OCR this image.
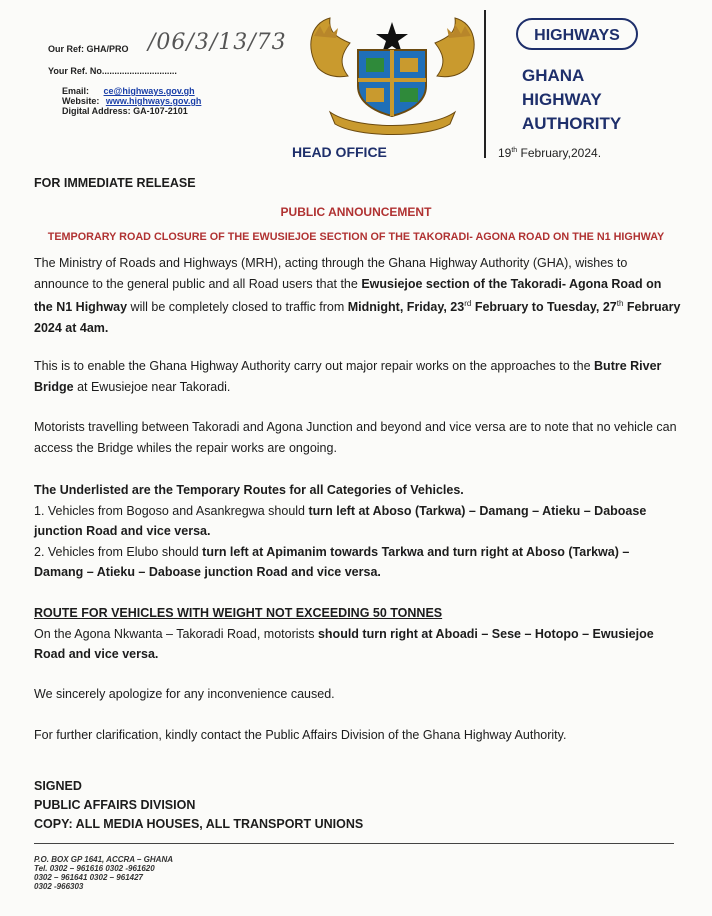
Our Ref: GHA/PRO /06/3/13/73
Your Ref. No..............................
Email: ce@highways.gov.gh
Website: www.highways.gov.gh
Digital Address: GA-107-2101
HIGHWAYS
GHANA
HIGHWAY
AUTHORITY
HEAD OFFICE	19th February,2024.
FOR IMMEDIATE RELEASE
PUBLIC ANNOUNCEMENT
TEMPORARY ROAD CLOSURE OF THE EWUSIEJOE SECTION OF THE TAKORADI- AGONA ROAD ON THE N1 HIGHWAY
The Ministry of Roads and Highways (MRH), acting through the Ghana Highway Authority (GHA), wishes to announce to the general public and all Road users that the Ewusiejoe section of the Takoradi- Agona Road on the N1 Highway will be completely closed to traffic from Midnight, Friday, 23rd February to Tuesday, 27th February 2024 at 4am.
This is to enable the Ghana Highway Authority carry out major repair works on the approaches to the Butre River Bridge at Ewusiejoe near Takoradi.
Motorists travelling between Takoradi and Agona Junction and beyond and vice versa are to note that no vehicle can access the Bridge whiles the repair works are ongoing.
The Underlisted are the Temporary Routes for all Categories of Vehicles.
1. Vehicles from Bogoso and Asankregwa should turn left at Aboso (Tarkwa) – Damang – Atieku – Daboase junction Road and vice versa.
2. Vehicles from Elubo should turn left at Apimanim towards Tarkwa and turn right at Aboso (Tarkwa) – Damang – Atieku – Daboase junction Road and vice versa.
ROUTE FOR VEHICLES WITH WEIGHT NOT EXCEEDING 50 TONNES
On the Agona Nkwanta – Takoradi Road, motorists should turn right at Aboadi – Sese – Hotopo – Ewusiejoe Road and vice versa.
We sincerely apologize for any inconvenience caused.
For further clarification, kindly contact the Public Affairs Division of the Ghana Highway Authority.
SIGNED
PUBLIC AFFAIRS DIVISION
COPY: ALL MEDIA HOUSES, ALL TRANSPORT UNIONS
P.O. BOX GP 1641, ACCRA – GHANA
Tel. 0302 – 961616 0302 -961620
0302 – 961641 0302 – 961427
0302 -966303
